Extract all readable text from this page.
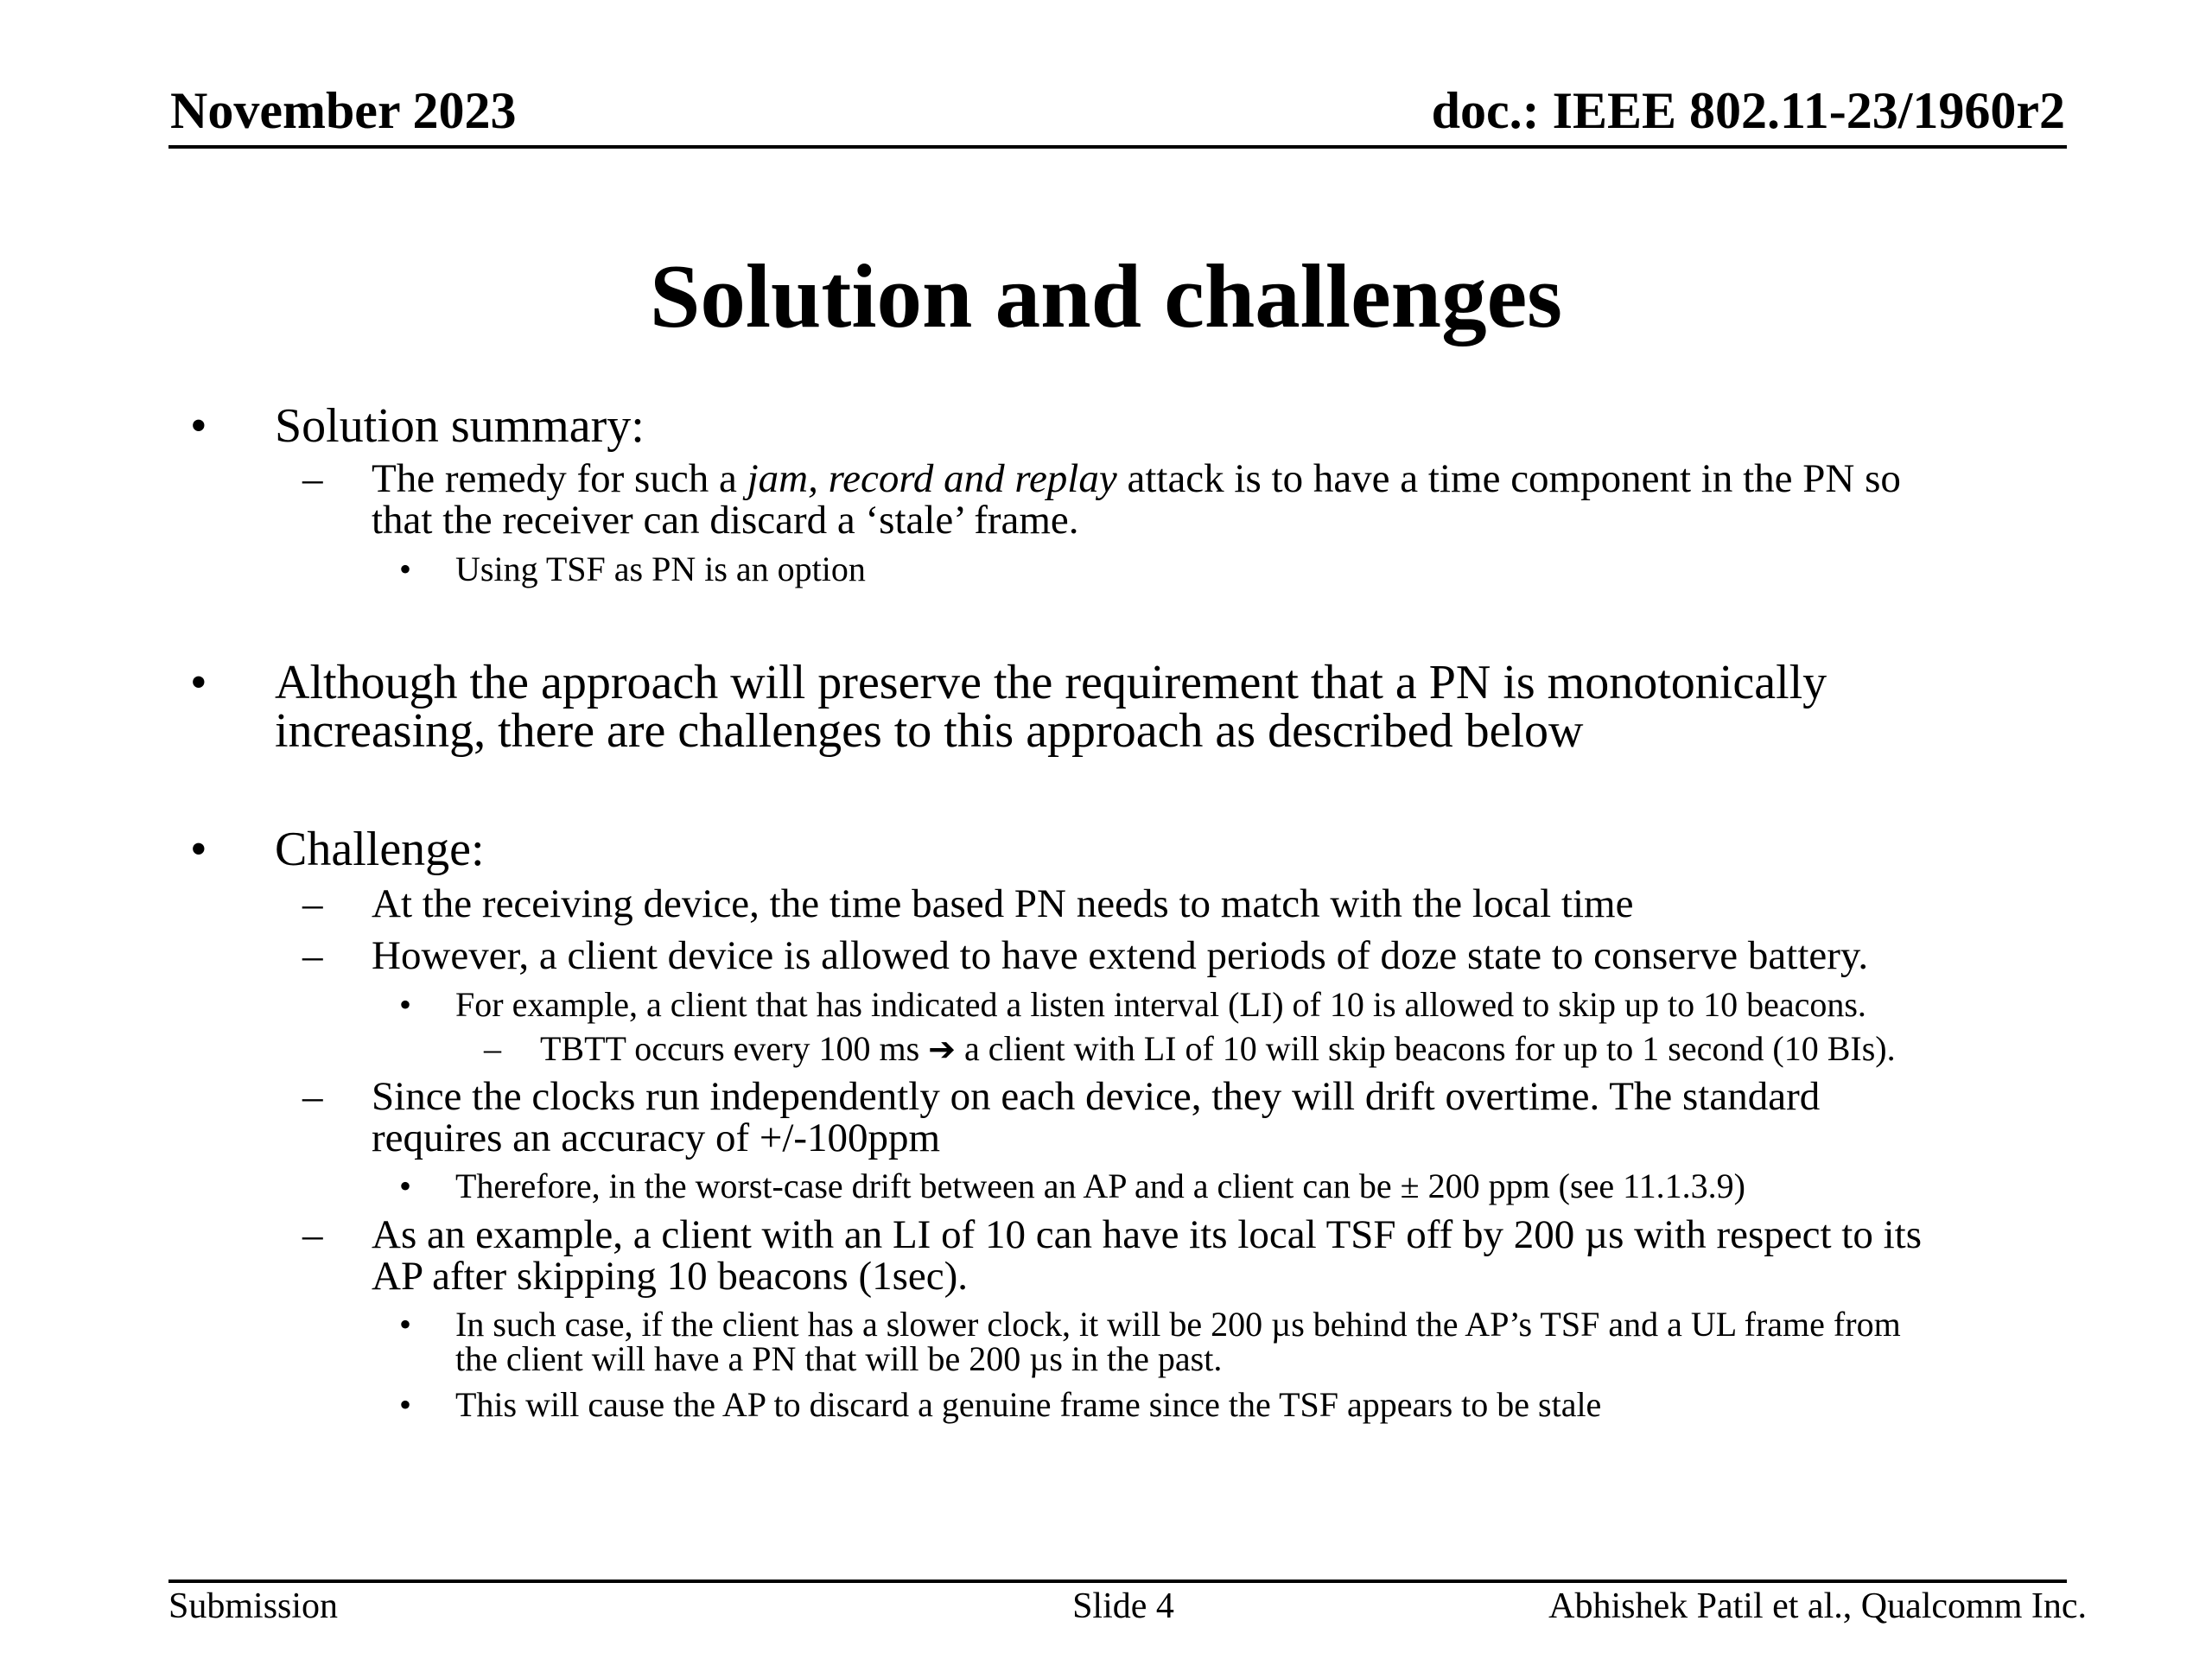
November 2023	doc.: IEEE 802.11-23/1960r2
Solution and challenges
• Solution summary:
– The remedy for such a jam, record and replay attack is to have a time component in the PN so
that the receiver can discard a ‘stale’ frame.
• Using TSF as PN is an option
• Although the approach will preserve the requirement that a PN is monotonically
increasing, there are challenges to this approach as described below
• Challenge:
– At the receiving device, the time based PN needs to match with the local time
– However, a client device is allowed to have extend periods of doze state to conserve battery.
• For example, a client that has indicated a listen interval (LI) of 10 is allowed to skip up to 10 beacons.
– TBTT occurs every 100 ms ➔ a client with LI of 10 will skip beacons for up to 1 second (10 BIs).
– Since the clocks run independently on each device, they will drift overtime. The standard
requires an accuracy of +/-100ppm
• Therefore, in the worst-case drift between an AP and a client can be ± 200 ppm (see 11.1.3.9)
– As an example, a client with an LI of 10 can have its local TSF off by 200 µs with respect to its
AP after skipping 10 beacons (1sec).
• In such case, if the client has a slower clock, it will be 200 µs behind the AP’s TSF and a UL frame from
the client will have a PN that will be 200 µs in the past.
• This will cause the AP to discard a genuine frame since the TSF appears to be stale
Submission	Slide 4	Abhishek Patil et al., Qualcomm Inc.
